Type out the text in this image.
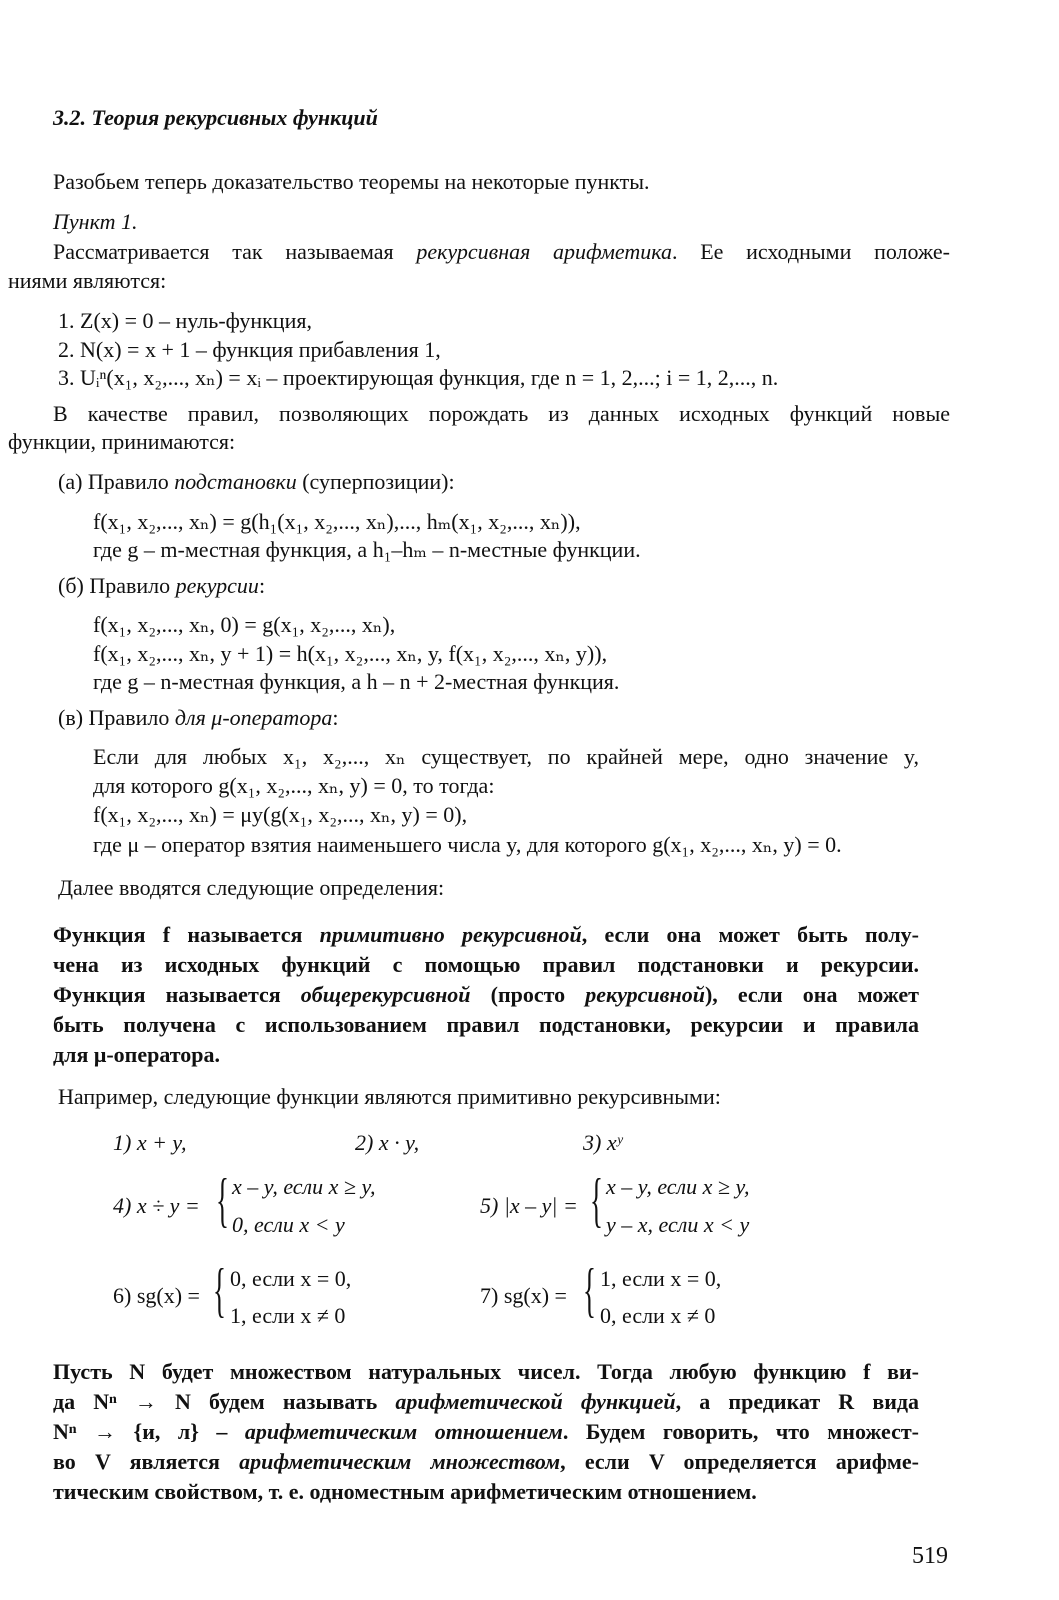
3.2. Теория рекурсивных функций
Разобьем теперь доказательство теоремы на некоторые пункты.
Пункт 1.
Рассматривается так называемая рекурсивная арифметика. Ее исходными положе-
ниями являются:
1. Z(x) = 0 – нуль-функция,
2. N(x) = x + 1 – функция прибавления 1,
3. Uᵢⁿ(x₁, x₂,..., xₙ) = xᵢ – проектирующая функция, где n = 1, 2,...; i = 1, 2,..., n.
В качестве правил, позволяющих порождать из данных исходных функций новые
функции, принимаются:
(а) Правило подстановки (суперпозиции):
f(x₁, x₂,..., xₙ) = g(h₁(x₁, x₂,..., xₙ),..., hₘ(x₁, x₂,..., xₙ)),
где g – m-местная функция, а h₁–hₘ – n-местные функции.
(б) Правило рекурсии:
f(x₁, x₂,..., xₙ, 0) = g(x₁, x₂,..., xₙ),
f(x₁, x₂,..., xₙ, y + 1) = h(x₁, x₂,..., xₙ, y, f(x₁, x₂,..., xₙ, y)),
где g – n-местная функция, а h – n + 2-местная функция.
(в) Правило для μ-оператора:
Если для любых x₁, x₂,..., xₙ существует, по крайней мере, одно значение y,
для которого g(x₁, x₂,..., xₙ, y) = 0, то тогда:
f(x₁, x₂,..., xₙ) = μy(g(x₁, x₂,..., xₙ, y) = 0),
где μ – оператор взятия наименьшего числа y, для которого g(x₁, x₂,..., xₙ, y) = 0.
Далее вводятся следующие определения:
Функция f называется примитивно рекурсивной, если она может быть полу-
чена из исходных функций с помощью правил подстановки и рекурсии.
Функция называется общерекурсивной (просто рекурсивной), если она может
быть получена с использованием правил подстановки, рекурсии и правила
для μ-оператора.
Например, следующие функции являются примитивно рекурсивными:
1) x + y,	2) x · y,	3) xʸ
4) x ÷ y = { x – y, если x ≥ y,
0, если x < y
5) |x – y| = { x – y, если x ≥ y,
y – x, если x < y
6) sg(x) = { 0, если x = 0,
1, если x ≠ 0
7) sg(x) = { 1, если x = 0,
0, если x ≠ 0
Пусть N будет множеством натуральных чисел. Тогда любую функцию f ви-
да Nⁿ → N будем называть арифметической функцией, а предикат R вида
Nⁿ → {и, л} – арифметическим отношением. Будем говорить, что множест-
во V является арифметическим множеством, если V определяется арифме-
тическим свойством, т. е. одноместным арифметическим отношением.
519
